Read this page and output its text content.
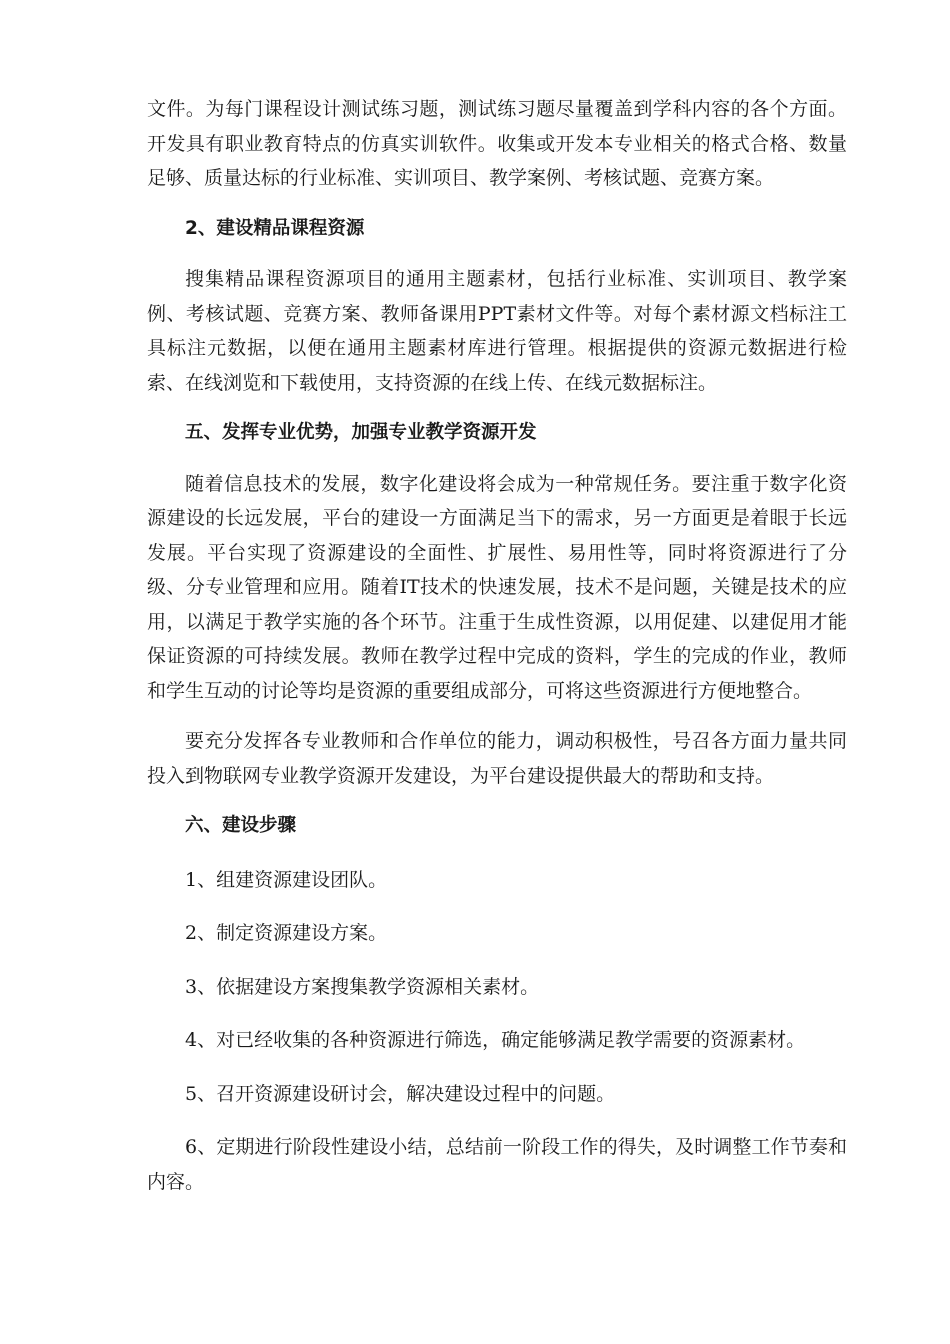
文件。为每门课程设计测试练习题，测试练习题尽量覆盖到学科内容的各个方面。开发具有职业教育特点的仿真实训软件。收集或开发本专业相关的格式合格、数量足够、质量达标的行业标准、实训项目、教学案例、考核试题、竞赛方案。

2、建设精品课程资源

搜集精品课程资源项目的通用主题素材，包括行业标准、实训项目、教学案例、考核试题、竞赛方案、教师备课用PPT素材文件等。对每个素材源文档标注工具标注元数据，以便在通用主题素材库进行管理。根据提供的资源元数据进行检索、在线浏览和下载使用，支持资源的在线上传、在线元数据标注。

五、发挥专业优势，加强专业教学资源开发

随着信息技术的发展，数字化建设将会成为一种常规任务。要注重于数字化资源建设的长远发展，平台的建设一方面满足当下的需求，另一方面更是着眼于长远发展。平台实现了资源建设的全面性、扩展性、易用性等，同时将资源进行了分级、分专业管理和应用。随着IT技术的快速发展，技术不是问题，关键是技术的应用，以满足于教学实施的各个环节。注重于生成性资源，以用促建、以建促用才能保证资源的可持续发展。教师在教学过程中完成的资料，学生的完成的作业，教师和学生互动的讨论等均是资源的重要组成部分，可将这些资源进行方便地整合。

要充分发挥各专业教师和合作单位的能力，调动积极性，号召各方面力量共同投入到物联网专业教学资源开发建设，为平台建设提供最大的帮助和支持。

六、建设步骤

1、组建资源建设团队。

2、制定资源建设方案。

3、依据建设方案搜集教学资源相关素材。

4、对已经收集的各种资源进行筛选，确定能够满足教学需要的资源素材。

5、召开资源建设研讨会，解决建设过程中的问题。

6、定期进行阶段性建设小结，总结前一阶段工作的得失，及时调整工作节奏和内容。
